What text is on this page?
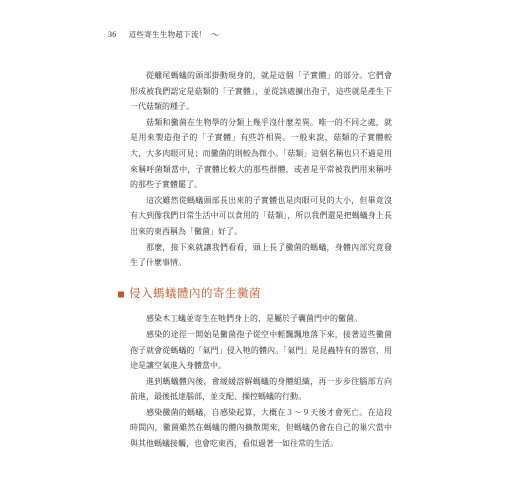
36 這些寄生生物超下流！ 〜

從蠟尾螞蟻的頭部掛動現身的，就是這個「子實體」的部分。它們會形成被我們認定是菇類的「子實體」，並從該處擴出孢子，這些就是產生下一代菇類的種子。

菇類和黴菌在生物學的分類上幾乎沒什麼差異。唯一的不同之處，就是用來製造孢子的「子實體」有些許相異。一般來說，菇類的子實體較大，大多肉眼可見；而黴菌的則較為微小。「菇類」這個名稱也只不過是用來稱呼菌類當中，子實體比較大的那些群體，或者是平常被我們用來稱呼的那些子實體罷了。

這次雖然從螞蟻頭部長出來的子實體也是肉眼可見的大小，但畢竟沒有大到像我們日常生活中可以食用的「菇類」，所以我們還是把螞蟻身上長出來的東西稱為「黴菌」好了。

那麼，接下來就讓我們看看，頭上長了黴菌的螞蟻，身體內部究竟發生了什麼事情。

侵入螞蟻體內的寄生黴菌

感染木工蟻並寄生在牠們身上的，是屬於子囊菌門中的黴菌。

感染的途徑一開始是黴菌孢子從空中輕飄飄地落下來，接著這些黴菌孢子就會從螞蟻的「氣門」侵入牠的體內。「氣門」是昆蟲特有的器官，用途是讓空氣進入身體當中。

進到螞蟻體內後，會緩緩溶解螞蟻的身體組織，再一步步往腦部方向前進，最後抵達腦部，並支配、操控螞蟻的行動。

感染黴菌的螞蟻，自感染起算，大概在３～９天後才會死亡。在這段時間內，黴菌雖然在螞蟻的體內擴散開來，但螞蟻仍會在自己的巢穴當中與其他螞蟻接觸，也會吃東西，看似過著一如往常的生活。
